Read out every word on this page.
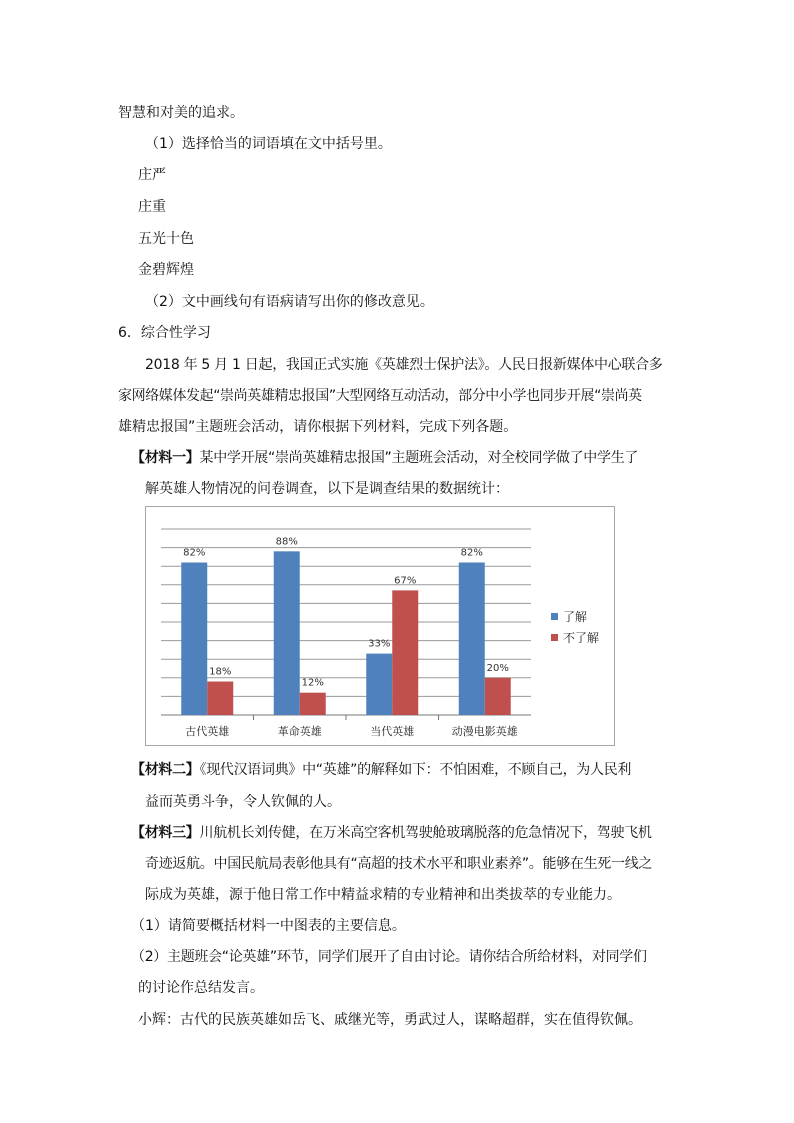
智慧和对美的追求。
（1）选择恰当的词语填在文中括号里。
庄严
庄重
五光十色
金碧辉煌
（2）文中画线句有语病请写出你的修改意见。
6．综合性学习
2018 年 5 月 1 日起，我国正式实施《英雄烈士保护法》。人民日报新媒体中心联合多
家网络媒体发起“崇尚英雄精忠报国”大型网络互动活动，部分中小学也同步开展“崇尚英
雄精忠报国”主题班会活动，请你根据下列材料，完成下列各题。
【材料一】某中学开展“崇尚英雄精忠报国”主题班会活动，对全校同学做了中学生了
解英雄人物情况的问卷调查，以下是调查结果的数据统计：
82%
18%
古代英雄
88%
12%
革命英雄
33%
67%
当代英雄
82%
20%
动漫电影英雄
了解
不了解
【材料二】《现代汉语词典》中“英雄”的解释如下：不怕困难，不顾自己，为人民利
益而英勇斗争，令人钦佩的人。
【材料三】川航机长刘传健，在万米高空客机驾驶舱玻璃脱落的危急情况下，驾驶飞机
奇迹返航。中国民航局表彰他具有“高超的技术水平和职业素养”。能够在生死一线之
际成为英雄，源于他日常工作中精益求精的专业精神和出类拔萃的专业能力。
（1）请简要概括材料一中图表的主要信息。
（2）主题班会“论英雄”环节，同学们展开了自由讨论。请你结合所给材料，对同学们
的讨论作总结发言。
小辉：古代的民族英雄如岳飞、戚继光等，勇武过人，谋略超群，实在值得钦佩。
